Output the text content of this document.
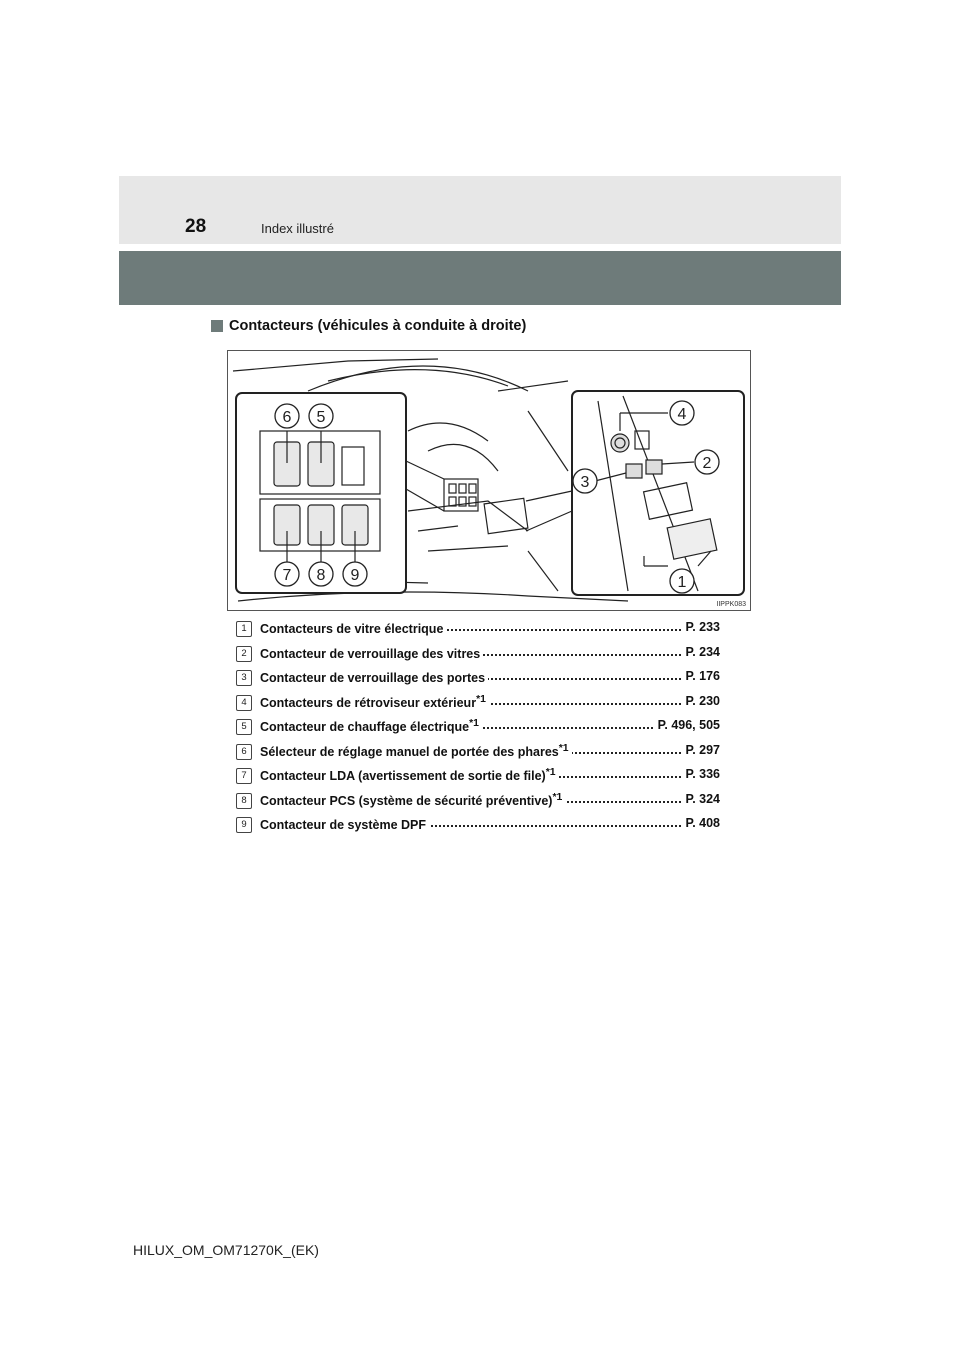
28	Index illustré
Contacteurs (véhicules à conduite à droite)
6 5
7 8 9
4
2
3
1
IIPPK083
1	Contacteurs de vitre électrique	P. 233
2	Contacteur de verrouillage des vitres	P. 234
3	Contacteur de verrouillage des portes	P. 176
4	Contacteurs de rétroviseur extérieur$^{*1}$	P. 230
5	Contacteur de chauffage électrique$^{*1}$	P. 496, 505
6	Sélecteur de réglage manuel de portée des phares$^{*1}$	P. 297
7	Contacteur LDA (avertissement de sortie de file)$^{*1}$	P. 336
8	Contacteur PCS (système de sécurité préventive)$^{*1}$	P. 324
9	Contacteur de système DPF	P. 408
HILUX_OM_OM71270K_(EK)
